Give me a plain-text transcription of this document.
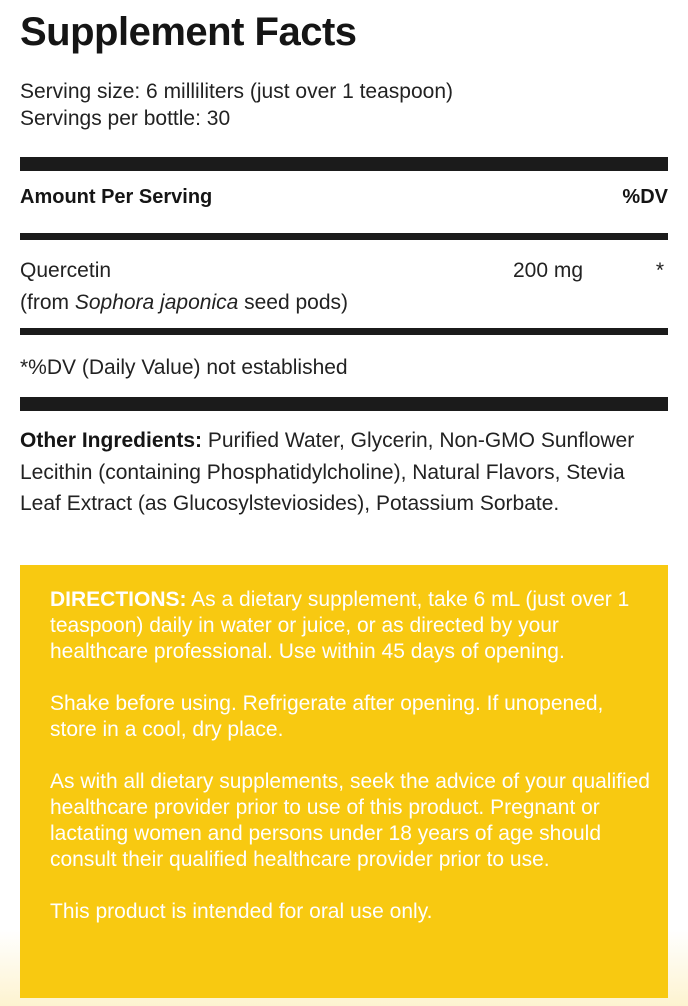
Supplement Facts
Serving size: 6 milliliters (just over 1 teaspoon)
Servings per bottle: 30
Amount Per Serving	%DV
Quercetin
(from Sophora japonica seed pods)
200 mg	*
*%DV (Daily Value) not established
Other Ingredients: Purified Water, Glycerin, Non-GMO Sunflower Lecithin (containing Phosphatidylcholine), Natural Flavors, Stevia Leaf Extract (as Glucosylsteviosides), Potassium Sorbate.

DIRECTIONS: As a dietary supplement, take 6 mL (just over 1 teaspoon) daily in water or juice, or as directed by your healthcare professional. Use within 45 days of opening.

Shake before using. Refrigerate after opening. If unopened, store in a cool, dry place.

As with all dietary supplements, seek the advice of your qualified healthcare provider prior to use of this product. Pregnant or lactating women and persons under 18 years of age should consult their qualified healthcare provider prior to use.

This product is intended for oral use only.
